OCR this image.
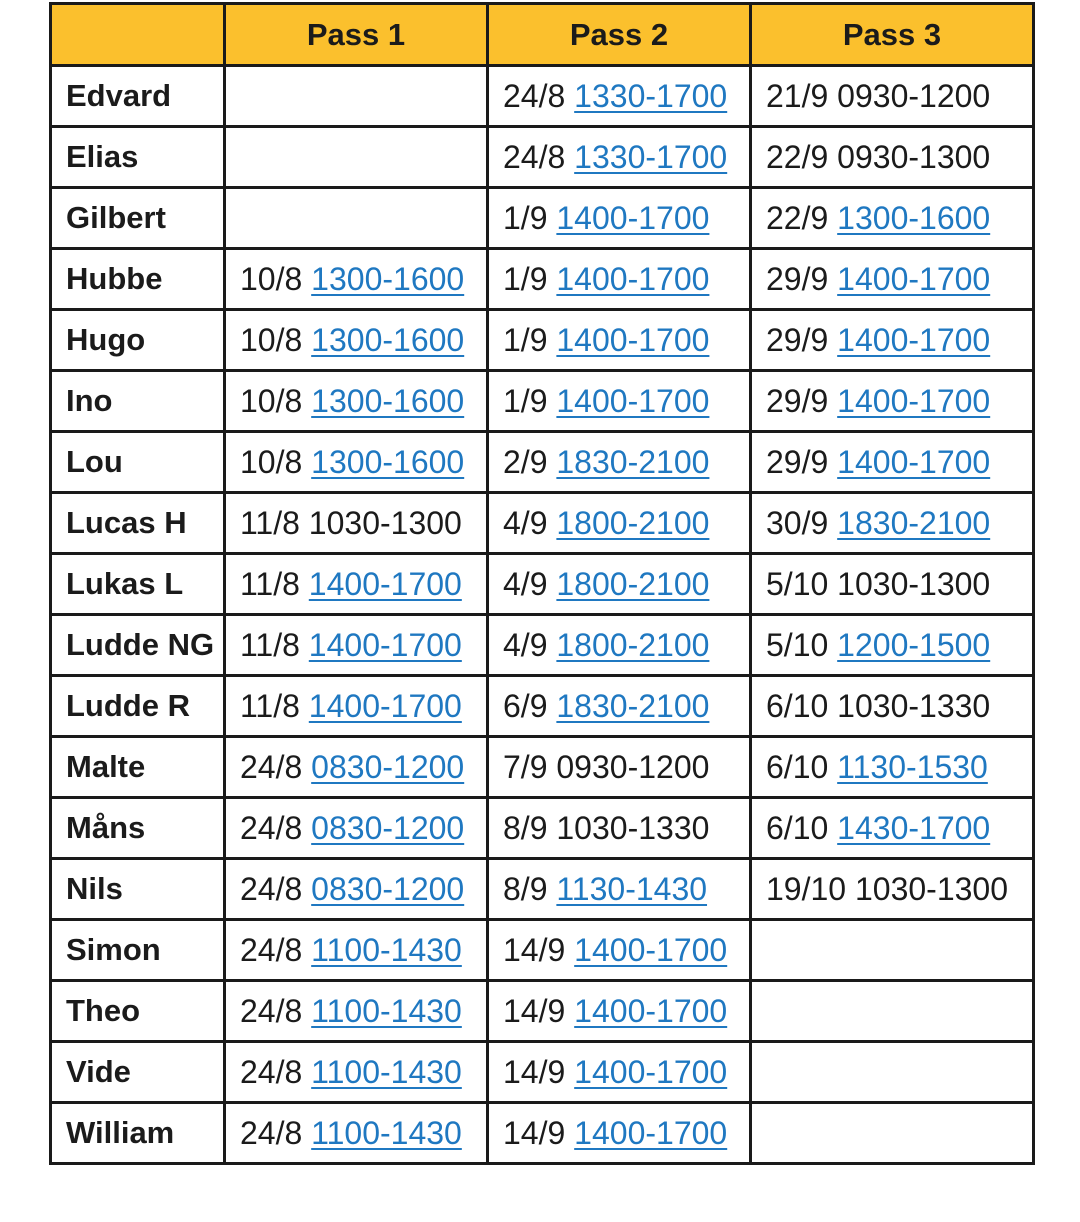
	Pass 1	Pass 2	Pass 3
Edvard		24/8 1330-1700	21/9 0930-1200
Elias		24/8 1330-1700	22/9 0930-1300
Gilbert		1/9 1400-1700	22/9 1300-1600
Hubbe	10/8 1300-1600	1/9 1400-1700	29/9 1400-1700
Hugo	10/8 1300-1600	1/9 1400-1700	29/9 1400-1700
Ino	10/8 1300-1600	1/9 1400-1700	29/9 1400-1700
Lou	10/8 1300-1600	2/9 1830-2100	29/9 1400-1700
Lucas H	11/8 1030-1300	4/9 1800-2100	30/9 1830-2100
Lukas L	11/8 1400-1700	4/9 1800-2100	5/10 1030-1300
Ludde NG	11/8 1400-1700	4/9 1800-2100	5/10 1200-1500
Ludde R	11/8 1400-1700	6/9 1830-2100	6/10 1030-1330
Malte	24/8 0830-1200	7/9 0930-1200	6/10 1130-1530
Måns	24/8 0830-1200	8/9 1030-1330	6/10 1430-1700
Nils	24/8 0830-1200	8/9 1130-1430	19/10 1030-1300
Simon	24/8 1100-1430	14/9 1400-1700	
Theo	24/8 1100-1430	14/9 1400-1700	
Vide	24/8 1100-1430	14/9 1400-1700	
William	24/8 1100-1430	14/9 1400-1700	
